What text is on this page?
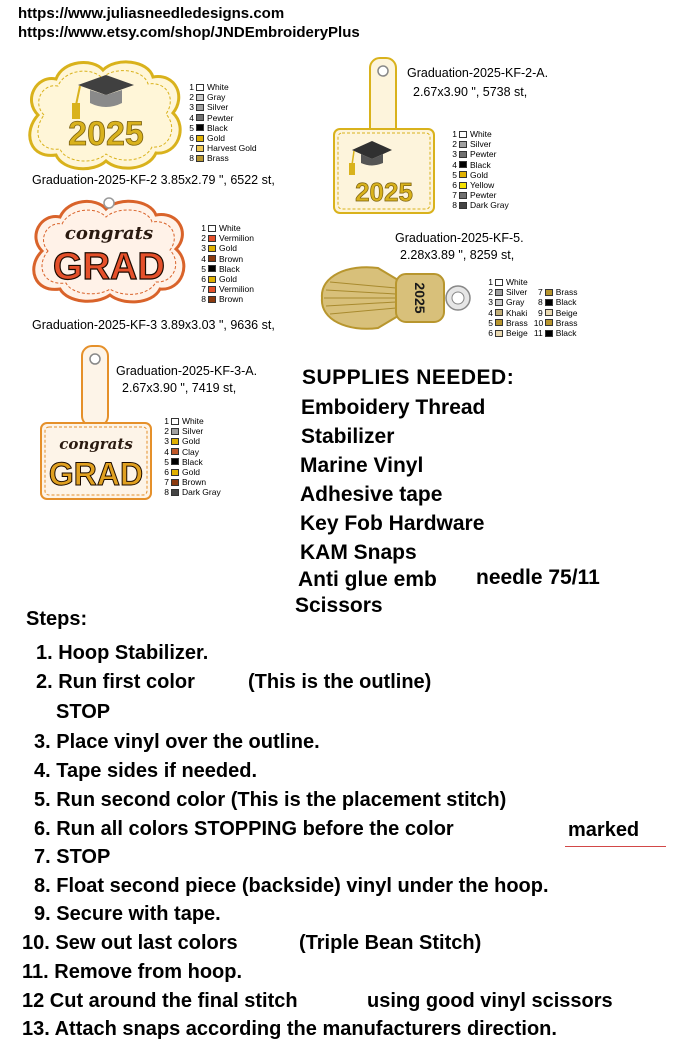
https://www.juliasneedledesigns.com
https://www.etsy.com/shop/JNDEmbroideryPlus
2025
1 White
2 Gray
3 Silver
4 Pewter
5 Black
6 Gold
7 Harvest Gold
8 Brass
Graduation-2025-KF-2 3.85x2.79 ", 6522 st,	2025
Graduation-2025-KF-2-A.
2.67x3.90 ", 5738 st,
1 White
2 Silver
3 Pewter
4 Black
5 Gold
6 Yellow
7 Pewter
8 Dark Gray
congrats
GRAD
1 White
2 Vermilion
3 Gold
4 Brown
5 Black
6 Gold
7 Vermilion
8 Brown
Graduation-2025-KF-3 3.89x3.03 ", 9636 st,
Graduation-2025-KF-5.
2.28x3.89 ", 8259 st,
2025
1 White
2 Silver	7 Brass
3 Gray	8 Black
4 Khaki	9 Beige
5 Brass 10 Brass
6 Beige 11 Black
congrats
GRAD
Graduation-2025-KF-3-A.
2.67x3.90 ", 7419 st,
1 White
2 Silver
3 Gold
4 Clay
5 Black
6 Gold
7 Brown
8 Dark Gray
SUPPLIES NEEDED:
Emboidery Thread
Stabilizer
Marine Vinyl
Adhesive tape
Key Fob Hardware
KAM Snaps
Anti glue emb needle 75/11
Scissors
Steps:
1. Hoop Stabilizer.
2. Run first color	(This is the outline)
STOP
3. Place vinyl over the outline.
4. Tape sides if needed.
5. Run second color (This is the placement stitch)
6. Run all colors STOPPING before the color	marked
7. STOP
8. Float second piece (backside) vinyl under the hoop.
9. Secure with tape.
10. Sew out last colors	(Triple Bean Stitch)
11. Remove from hoop.
12 Cut around the final stitch	using good vinyl scissors
13. Attach snaps according the manufacturers direction.
